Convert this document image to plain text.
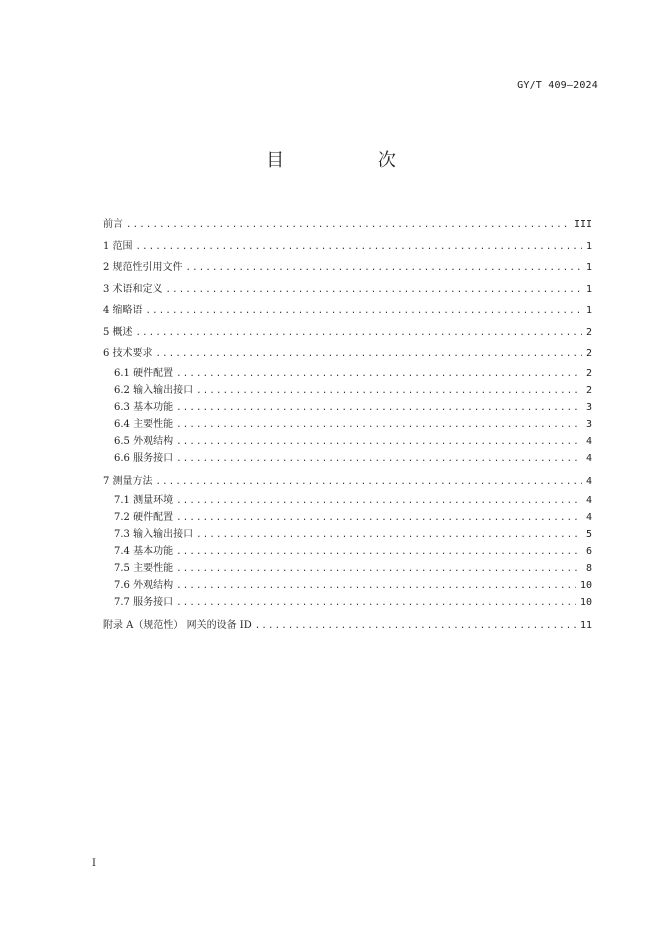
GY/T 409—2024
目 次
前言 .....	III
1 范围 .....	1
2 规范性引用文件 .....	1
3 术语和定义 .....	1
4 缩略语 .....	1
5 概述 .....	2
6 技术要求 .....	2
6.1 硬件配置 .....	2
6.2 输入输出接口 .....	2
6.3 基本功能 .....	3
6.4 主要性能 .....	3
6.5 外观结构 .....	4
6.6 服务接口 .....	4
7 测量方法 .....	4
7.1 测量环境 .....	4
7.2 硬件配置 .....	4
7.3 输入输出接口 .....	5
7.4 基本功能 .....	6
7.5 主要性能 .....	8
7.6 外观结构 .....	10
7.7 服务接口 .....	10
附录 A（规范性） 网关的设备 ID .....	11
I
